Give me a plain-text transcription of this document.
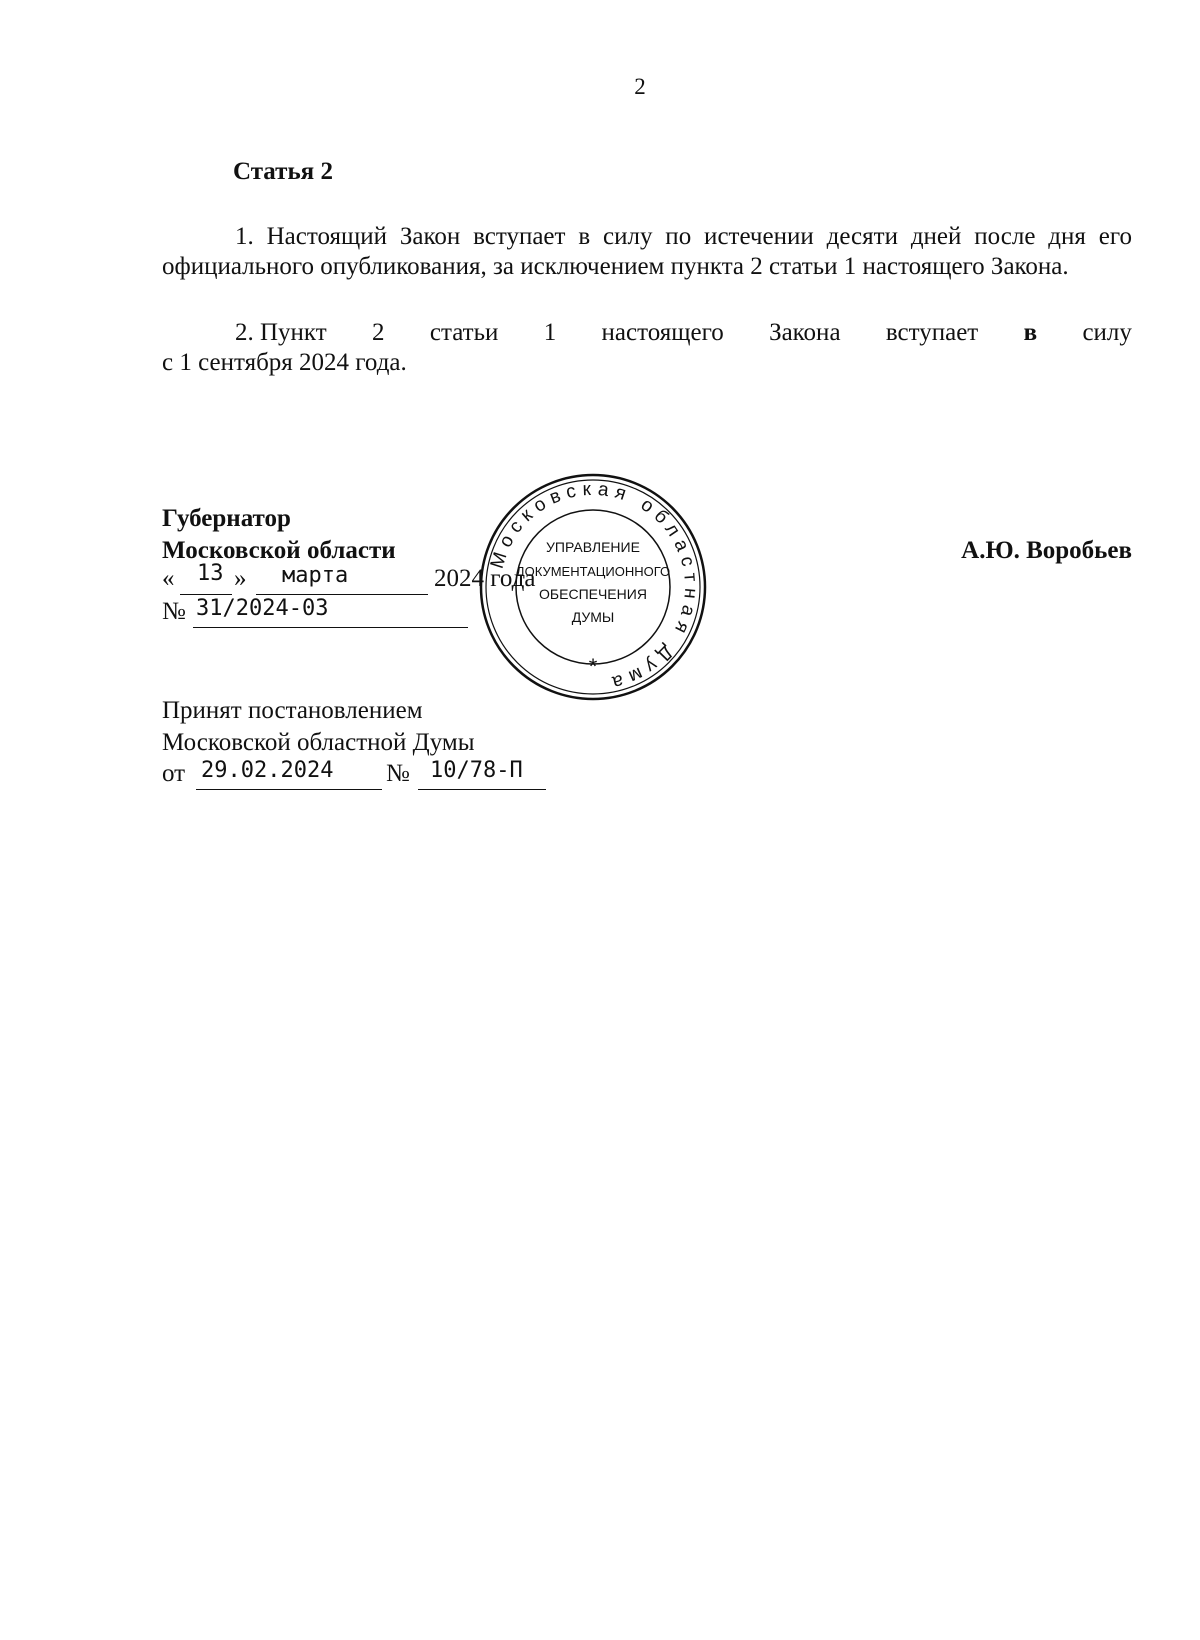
2
Статья 2
1. Настоящий Закон вступает в силу по истечении десяти дней после дня его официального опубликования, за исключением пункта 2 статьи 1 настоящего Закона.
2. Пункт 2 статьи 1 настоящего Закона вступает в силу
с 1 сентября 2024 года.
Губернатор
Московской области	А.Ю. Воробьев
« 13 » марта	2024 года
№ 31/2024-03
Московская областная Дума
УПРАВЛЕНИЕ
ДОКУМЕНТАЦИОННОГО
ОБЕСПЕЧЕНИЯ
ДУМЫ
*
Принят постановлением
Московской областной Думы
от 29.02.2024 № 10/78-П
